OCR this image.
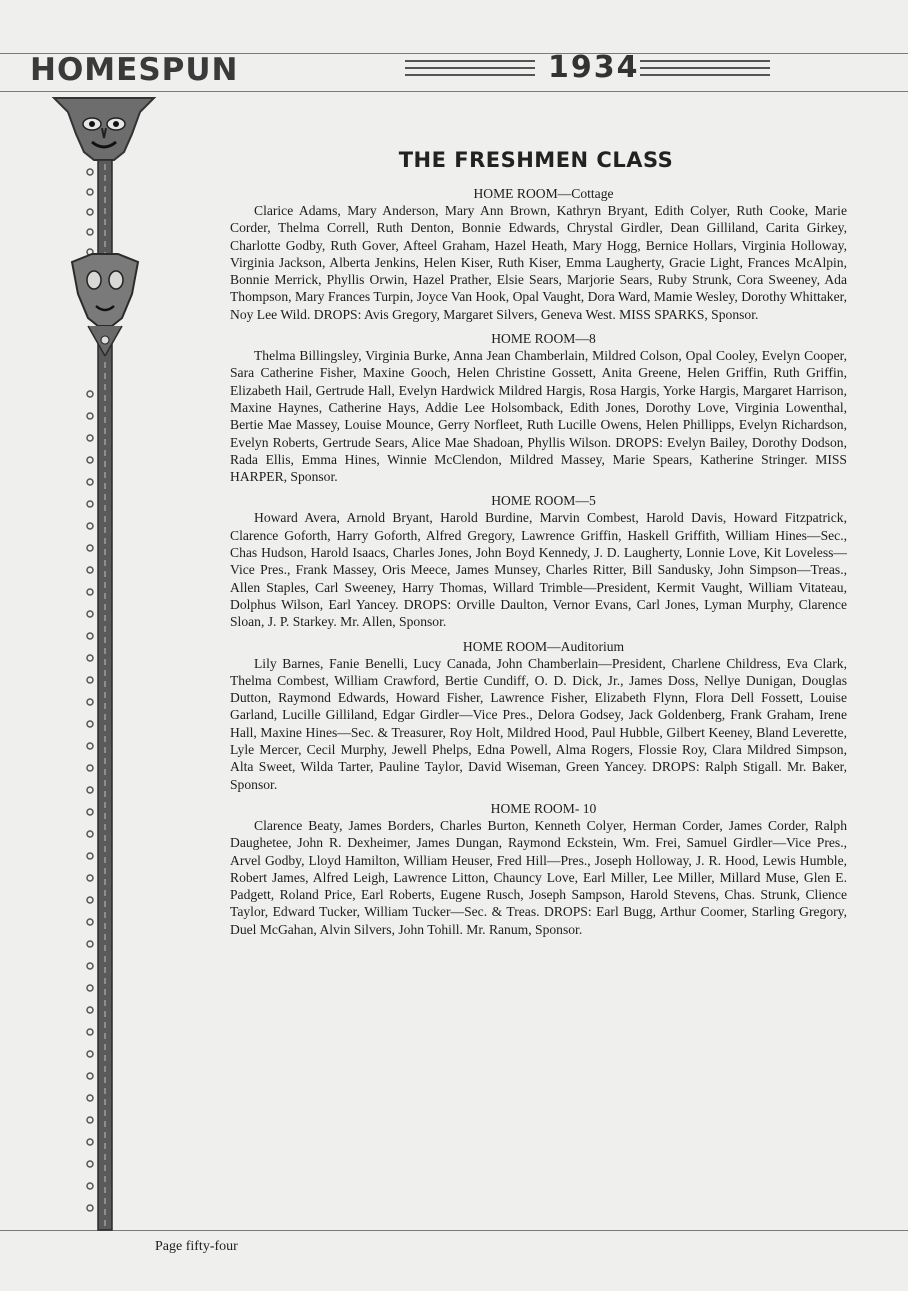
HOMESPUN	1934
THE FRESHMEN CLASS
HOME ROOM—Cottage

Clarice Adams, Mary Anderson, Mary Ann Brown, Kathryn Bryant, Edith Colyer, Ruth Cooke, Marie Corder, Thelma Correll, Ruth Denton, Bonnie Edwards, Chrystal Girdler, Dean Gilliland, Carita Girkey, Charlotte Godby, Ruth Gover, Afteel Graham, Hazel Heath, Mary Hogg, Bernice Hollars, Virginia Holloway, Virginia Jackson, Alberta Jenkins, Helen Kiser, Ruth Kiser, Emma Laugherty, Gracie Light, Frances McAlpin, Bonnie Merrick, Phyllis Orwin, Hazel Prather, Elsie Sears, Marjorie Sears, Ruby Strunk, Cora Sweeney, Ada Thompson, Mary Frances Turpin, Joyce Van Hook, Opal Vaught, Dora Ward, Mamie Wesley, Dorothy Whittaker, Noy Lee Wild. DROPS: Avis Gregory, Margaret Silvers, Geneva West. MISS SPARKS, Sponsor.

HOME ROOM—8

Thelma Billingsley, Virginia Burke, Anna Jean Chamberlain, Mildred Colson, Opal Cooley, Evelyn Cooper, Sara Catherine Fisher, Maxine Gooch, Helen Christine Gossett, Anita Greene, Helen Griffin, Ruth Griffin, Elizabeth Hail, Gertrude Hall, Evelyn Hardwick Mildred Hargis, Rosa Hargis, Yorke Hargis, Margaret Harrison, Maxine Haynes, Catherine Hays, Addie Lee Holsomback, Edith Jones, Dorothy Love, Virginia Lowenthal, Bertie Mae Massey, Louise Mounce, Gerry Norfleet, Ruth Lucille Owens, Helen Phillipps, Evelyn Richardson, Evelyn Roberts, Gertrude Sears, Alice Mae Shadoan, Phyllis Wilson. DROPS: Evelyn Bailey, Dorothy Dodson, Rada Ellis, Emma Hines, Winnie McClendon, Mildred Massey, Marie Spears, Katherine Stringer. MISS HARPER, Sponsor.

HOME ROOM—5

Howard Avera, Arnold Bryant, Harold Burdine, Marvin Combest, Harold Davis, Howard Fitzpatrick, Clarence Goforth, Harry Goforth, Alfred Gregory, Lawrence Griffin, Haskell Griffith, William Hines—Sec., Chas Hudson, Harold Isaacs, Charles Jones, John Boyd Kennedy, J. D. Laugherty, Lonnie Love, Kit Loveless—Vice Pres., Frank Massey, Oris Meece, James Munsey, Charles Ritter, Bill Sandusky, John Simpson—Treas., Allen Staples, Carl Sweeney, Harry Thomas, Willard Trimble—President, Kermit Vaught, William Vitateau, Dolphus Wilson, Earl Yancey. DROPS: Orville Daulton, Vernor Evans, Carl Jones, Lyman Murphy, Clarence Sloan, J. P. Starkey. Mr. Allen, Sponsor.

HOME ROOM—Auditorium

Lily Barnes, Fanie Benelli, Lucy Canada, John Chamberlain—President, Charlene Childress, Eva Clark, Thelma Combest, William Crawford, Bertie Cundiff, O. D. Dick, Jr., James Doss, Nellye Dunigan, Douglas Dutton, Raymond Edwards, Howard Fisher, Lawrence Fisher, Elizabeth Flynn, Flora Dell Fossett, Louise Garland, Lucille Gilliland, Edgar Girdler—Vice Pres., Delora Godsey, Jack Goldenberg, Frank Graham, Irene Hall, Maxine Hines—Sec. & Treasurer, Roy Holt, Mildred Hood, Paul Hubble, Gilbert Keeney, Bland Leverette, Lyle Mercer, Cecil Murphy, Jewell Phelps, Edna Powell, Alma Rogers, Flossie Roy, Clara Mildred Simpson, Alta Sweet, Wilda Tarter, Pauline Taylor, David Wiseman, Green Yancey. DROPS: Ralph Stigall. Mr. Baker, Sponsor.

HOME ROOM- 10

Clarence Beaty, James Borders, Charles Burton, Kenneth Colyer, Herman Corder, James Corder, Ralph Daughetee, John R. Dexheimer, James Dungan, Raymond Eckstein, Wm. Frei, Samuel Girdler—Vice Pres., Arvel Godby, Lloyd Hamilton, William Heuser, Fred Hill—Pres., Joseph Holloway, J. R. Hood, Lewis Humble, Robert James, Alfred Leigh, Lawrence Litton, Chauncy Love, Earl Miller, Lee Miller, Millard Muse, Glen E. Padgett, Roland Price, Earl Roberts, Eugene Rusch, Joseph Sampson, Harold Stevens, Chas. Strunk, Clience Taylor, Edward Tucker, William Tucker—Sec. & Treas. DROPS: Earl Bugg, Arthur Coomer, Starling Gregory, Duel McGahan, Alvin Silvers, John Tohill. Mr. Ranum, Sponsor.

Page fifty-four
